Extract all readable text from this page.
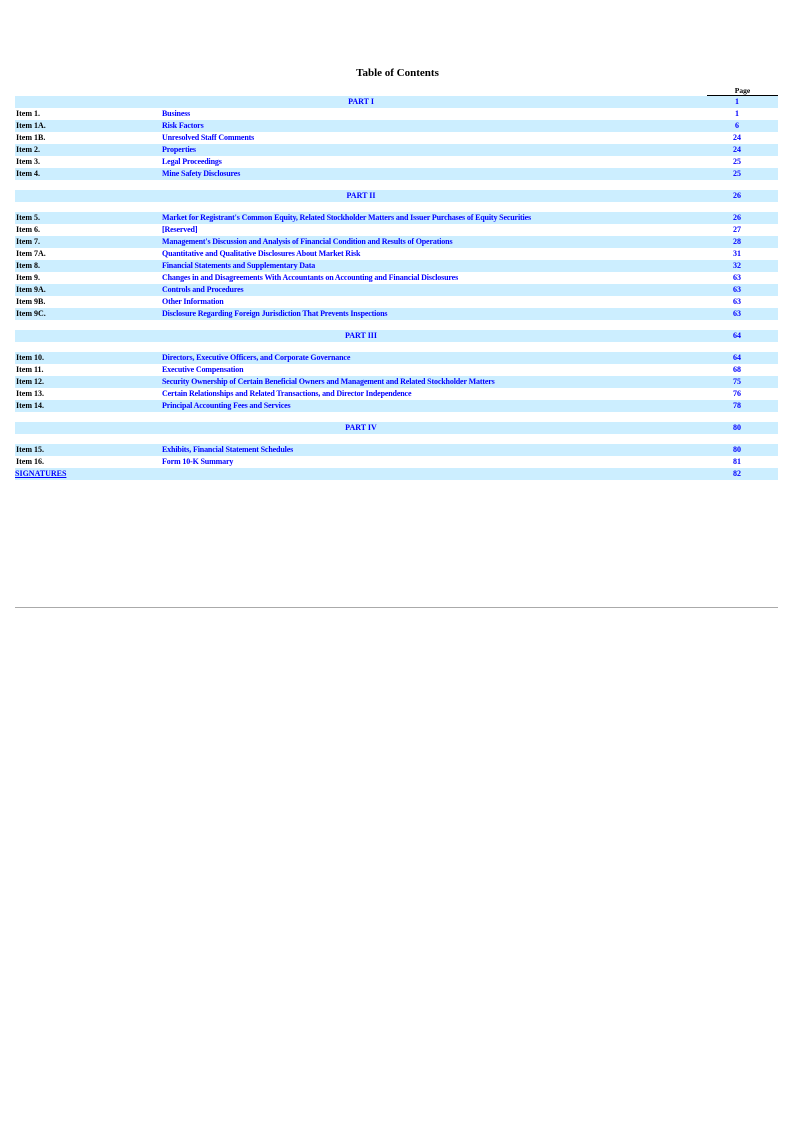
Table of Contents
Page
PART I	1
Item 1.	Business	1
Item 1A.	Risk Factors	6
Item 1B.	Unresolved Staff Comments	24
Item 2.	Properties	24
Item 3.	Legal Proceedings	25
Item 4.	Mine Safety Disclosures	25
PART II	26
Item 5.	Market for Registrant's Common Equity, Related Stockholder Matters and Issuer Purchases of Equity Securities	26
Item 6.	[Reserved]	27
Item 7.	Management's Discussion and Analysis of Financial Condition and Results of Operations	28
Item 7A.	Quantitative and Qualitative Disclosures About Market Risk	31
Item 8.	Financial Statements and Supplementary Data	32
Item 9.	Changes in and Disagreements With Accountants on Accounting and Financial Disclosures	63
Item 9A.	Controls and Procedures	63
Item 9B.	Other Information	63
Item 9C.	Disclosure Regarding Foreign Jurisdiction That Prevents Inspections	63
PART III	64
Item 10.	Directors, Executive Officers, and Corporate Governance	64
Item 11.	Executive Compensation	68
Item 12.	Security Ownership of Certain Beneficial Owners and Management and Related Stockholder Matters	75
Item 13.	Certain Relationships and Related Transactions, and Director Independence	76
Item 14.	Principal Accounting Fees and Services	78
PART IV	80
Item 15.	Exhibits, Financial Statement Schedules	80
Item 16.	Form 10-K Summary	81
SIGNATURES	82
